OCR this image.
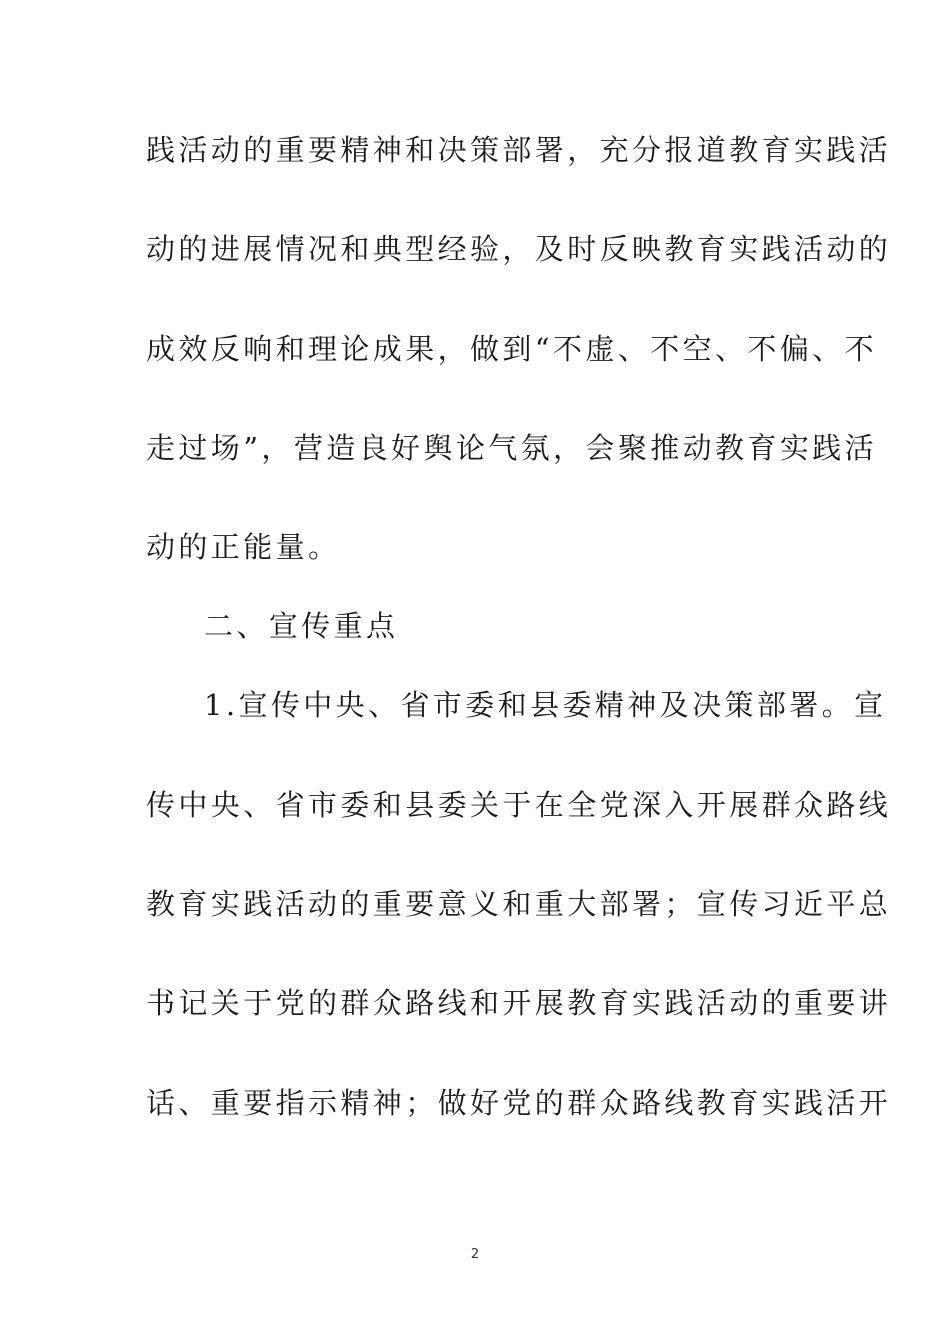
践活动的重要精神和决策部署，充分报道教育实践活
动的进展情况和典型经验，及时反映教育实践活动的
成效反响和理论成果，做到“不虚、不空、不偏、不
走过场”，营造良好舆论气氛，会聚推动教育实践活
动的正能量。
二、宣传重点
1.宣传中央、省市委和县委精神及决策部署。宣
传中央、省市委和县委关于在全党深入开展群众路线
教育实践活动的重要意义和重大部署；宣传习近平总
书记关于党的群众路线和开展教育实践活动的重要讲
话、重要指示精神；做好党的群众路线教育实践活开
2
